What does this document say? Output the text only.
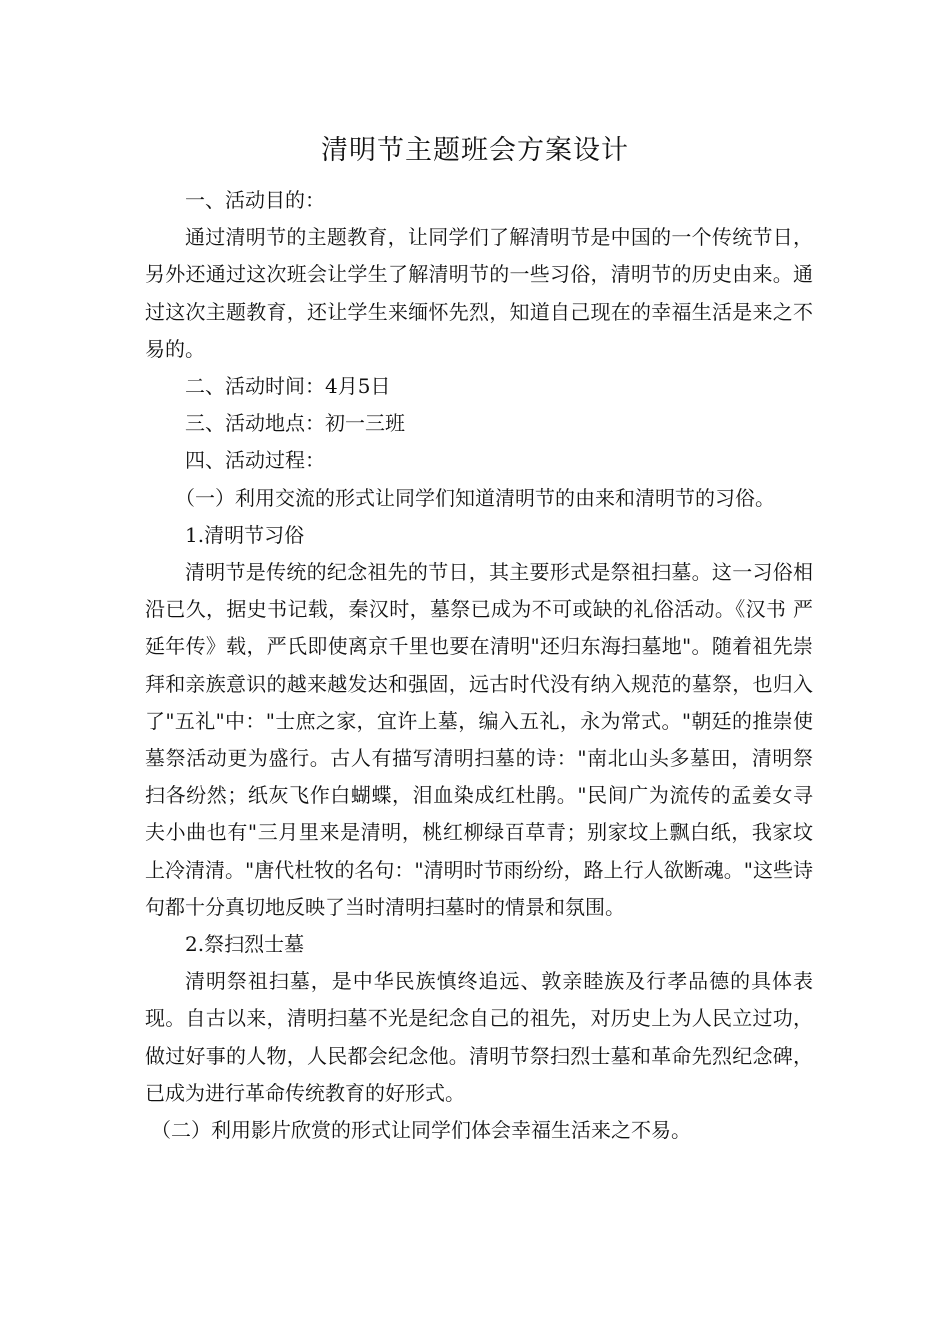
清明节主题班会方案设计

一、活动目的：

通过清明节的主题教育，让同学们了解清明节是中国的一个传统节日，另外还通过这次班会让学生了解清明节的一些习俗，清明节的历史由来。通过这次主题教育，还让学生来缅怀先烈，知道自己现在的幸福生活是来之不易的。

二、活动时间：4月5日

三、活动地点：初一三班

四、活动过程：

（一）利用交流的形式让同学们知道清明节的由来和清明节的习俗。

1.清明节习俗

清明节是传统的纪念祖先的节日，其主要形式是祭祖扫墓。这一习俗相沿已久，据史书记载，秦汉时，墓祭已成为不可或缺的礼俗活动。《汉书 严延年传》载，严氏即使离京千里也要在清明"还归东海扫墓地"。随着祖先崇拜和亲族意识的越来越发达和强固，远古时代没有纳入规范的墓祭，也归入了"五礼"中："士庶之家，宜许上墓，编入五礼，永为常式。"朝廷的推崇使墓祭活动更为盛行。古人有描写清明扫墓的诗："南北山头多墓田，清明祭扫各纷然；纸灰飞作白蝴蝶，泪血染成红杜鹃。"民间广为流传的孟姜女寻夫小曲也有"三月里来是清明，桃红柳绿百草青；别家坟上飘白纸，我家坟上冷清清。"唐代杜牧的名句："清明时节雨纷纷，路上行人欲断魂。"这些诗句都十分真切地反映了当时清明扫墓时的情景和氛围。

2.祭扫烈士墓

清明祭祖扫墓，是中华民族慎终追远、敦亲睦族及行孝品德的具体表现。自古以来，清明扫墓不光是纪念自己的祖先，对历史上为人民立过功，做过好事的人物，人民都会纪念他。清明节祭扫烈士墓和革命先烈纪念碑，已成为进行革命传统教育的好形式。

（二）利用影片欣赏的形式让同学们体会幸福生活来之不易。
